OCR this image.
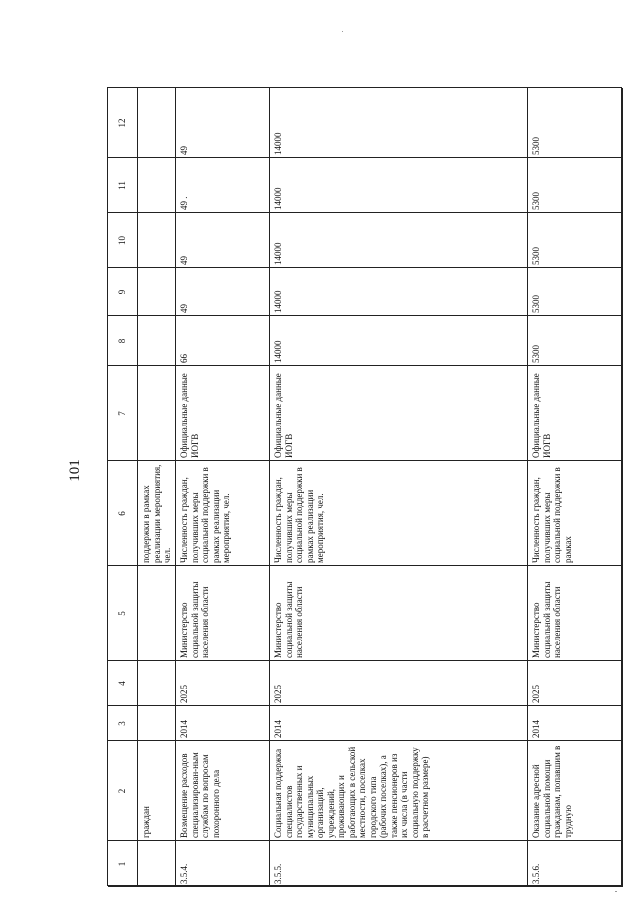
101
12
11
10
9
8
7
6
5
4
3
2
1
поддержки в рамках реализации мероприятия, чел.
граждан
49
49 .
49
49
66
Официальные данные ИОГВ
Численность граждан, получивших меры социальной поддержки в рамках реализации мероприятия, чел.
Министерство социальной защиты населения области
2025
2014
Возмещение расходов специализирован-ным службам по вопросам похоронного дела
3.5.4.
14000
14000
14000
14000
14000
Официальные данные ИОГВ
Численность граждан, получивших меры социальной поддержки в рамках реализации мероприятия, чел.
Министерство социальной защиты населения области
2025
2014
Социальная поддержка специалистов государственных и муниципальных организаций, учреждений, проживающих и работающих в сельской местности, поселках городского типа (рабочих поселках), а также пенсионеров из их числа (в части социальную поддержку в расчетном размере)
3.5.5.
5300
5300
5300
5300
5300
Официальные данные ИОГВ
Численность граждан, получивших меры социальной поддержки в рамках
Министерство социальной защиты населения области
2025
2014
Оказание адресной социальной помощи гражданам, попавшим в трудную
3.5.6.
